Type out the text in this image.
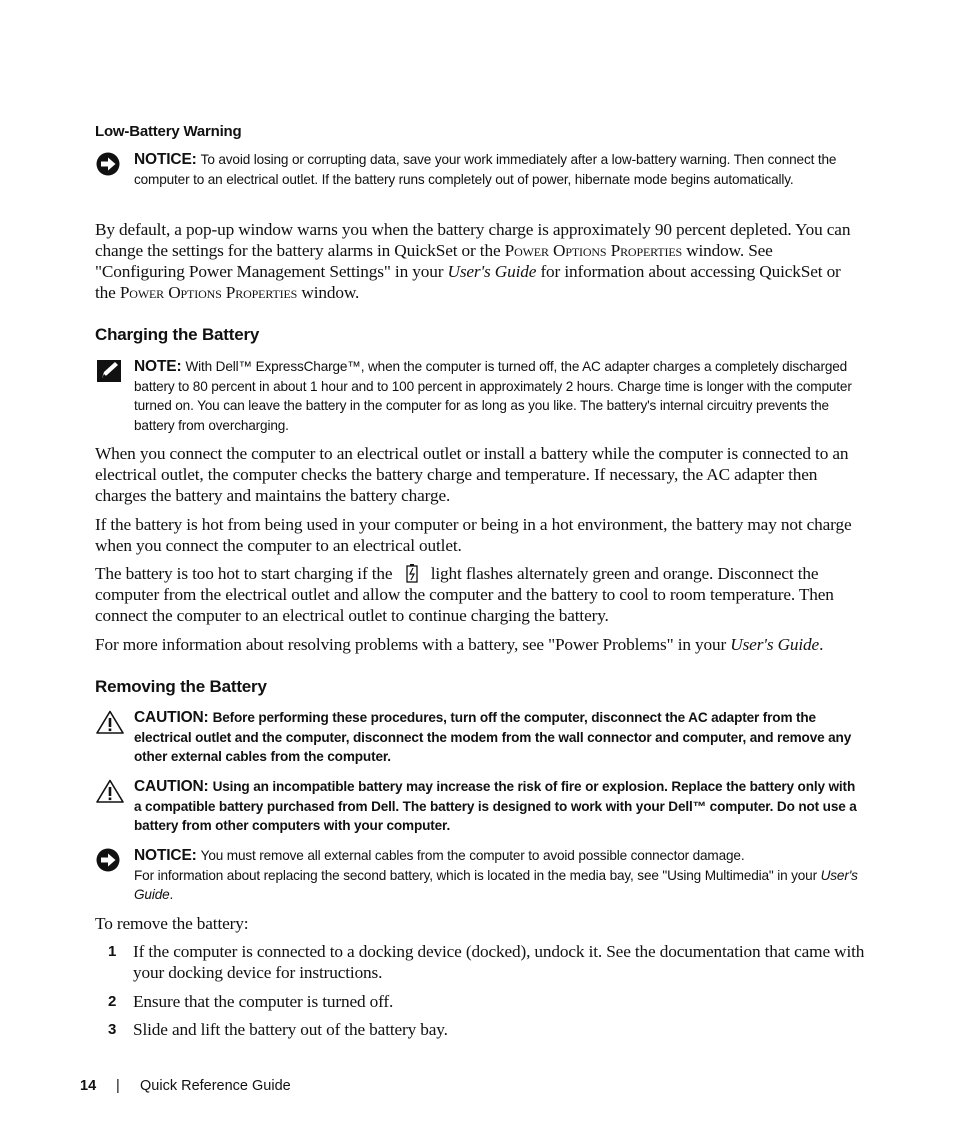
Low-Battery Warning
NOTICE: To avoid losing or corrupting data, save your work immediately after a low-battery warning. Then connect the computer to an electrical outlet. If the battery runs completely out of power, hibernate mode begins automatically.
By default, a pop-up window warns you when the battery charge is approximately 90 percent depleted. You can change the settings for the battery alarms in QuickSet or the Power Options Properties window. See "Configuring Power Management Settings" in your User's Guide for information about accessing QuickSet or the Power Options Properties window.
Charging the Battery
NOTE: With Dell™ ExpressCharge™, when the computer is turned off, the AC adapter charges a completely discharged battery to 80 percent in about 1 hour and to 100 percent in approximately 2 hours. Charge time is longer with the computer turned on. You can leave the battery in the computer for as long as you like. The battery's internal circuitry prevents the battery from overcharging.
When you connect the computer to an electrical outlet or install a battery while the computer is connected to an electrical outlet, the computer checks the battery charge and temperature. If necessary, the AC adapter then charges the battery and maintains the battery charge.
If the battery is hot from being used in your computer or being in a hot environment, the battery may not charge when you connect the computer to an electrical outlet.
The battery is too hot to start charging if the light flashes alternately green and orange. Disconnect the computer from the electrical outlet and allow the computer and the battery to cool to room temperature. Then connect the computer to an electrical outlet to continue charging the battery.
For more information about resolving problems with a battery, see "Power Problems" in your User's Guide.
Removing the Battery
CAUTION: Before performing these procedures, turn off the computer, disconnect the AC adapter from the electrical outlet and the computer, disconnect the modem from the wall connector and computer, and remove any other external cables from the computer.
CAUTION: Using an incompatible battery may increase the risk of fire or explosion. Replace the battery only with a compatible battery purchased from Dell. The battery is designed to work with your Dell™ computer. Do not use a battery from other computers with your computer.
NOTICE: You must remove all external cables from the computer to avoid possible connector damage.
For information about replacing the second battery, which is located in the media bay, see "Using Multimedia" in your User's Guide.
To remove the battery:
1 If the computer is connected to a docking device (docked), undock it. See the documentation that came with your docking device for instructions.
2 Ensure that the computer is turned off.
3 Slide and lift the battery out of the battery bay.
14 | Quick Reference Guide
